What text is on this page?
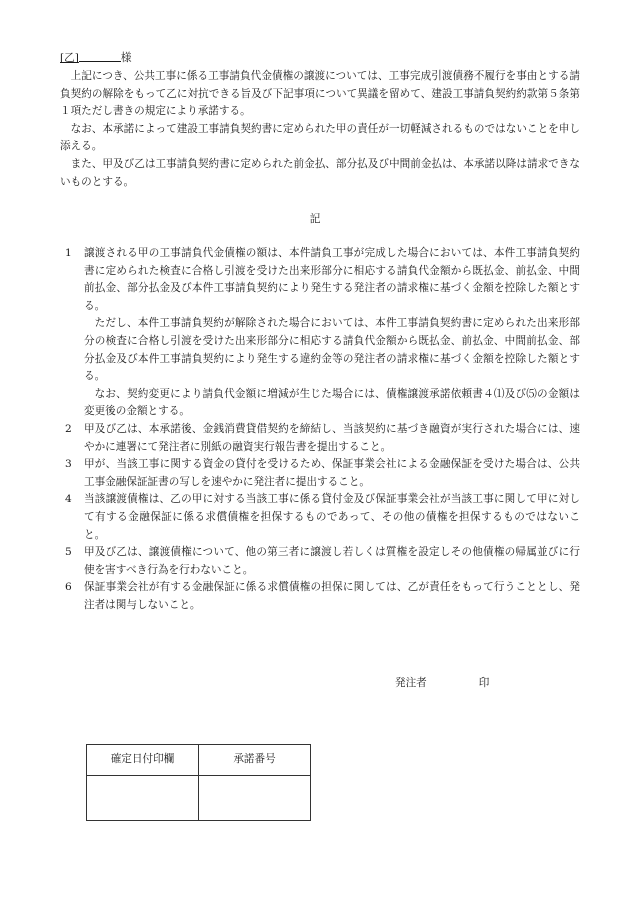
[乙]	様

上記につき、公共工事に係る工事請負代金債権の譲渡については、工事完成引渡債務不履行を事由とする請負契約の解除をもって乙に対抗できる旨及び下記事項について異議を留めて、建設工事請負契約約款第５条第１項ただし書きの規定により承諾する。

なお、本承諾によって建設工事請負契約書に定められた甲の責任が一切軽減されるものではないことを申し添える。

また、甲及び乙は工事請負契約書に定められた前金払、部分払及び中間前金払は、本承諾以降は請求できないものとする。

記
1	譲渡される甲の工事請負代金債権の額は、本件請負工事が完成した場合においては、本件工事請負契約書に定められた検査に合格し引渡を受けた出来形部分に相応する請負代金額から既払金、前払金、中間前払金、部分払金及び本件工事請負契約により発生する発注者の請求権に基づく金額を控除した額とする。

ただし、本件工事請負契約が解除された場合においては、本件工事請負契約書に定められた出来形部分の検査に合格し引渡を受けた出来形部分に相応する請負代金額から既払金、前払金、中間前払金、部分払金及び本件工事請負契約により発生する違約金等の発注者の請求権に基づく金額を控除した額とする。

なお、契約変更により請負代金額に増減が生じた場合には、債権譲渡承諾依頼書４⑴及び⑸の金額は変更後の金額とする。

2	甲及び乙は、本承諾後、金銭消費貸借契約を締結し、当該契約に基づき融資が実行された場合には、速やかに連署にて発注者に別紙の融資実行報告書を提出すること。
3	甲が、当該工事に関する資金の貸付を受けるため、保証事業会社による金融保証を受けた場合は、公共工事金融保証証書の写しを速やかに発注者に提出すること。
4	当該譲渡債権は、乙の甲に対する当該工事に係る貸付金及び保証事業会社が当該工事に関して甲に対して有する金融保証に係る求償債権を担保するものであって、その他の債権を担保するものではないこと。
5	甲及び乙は、譲渡債権について、他の第三者に譲渡し若しくは質権を設定しその他債権の帰属並びに行使を害すべき行為を行わないこと。
6	保証事業会社が有する金融保証に係る求償債権の担保に関しては、乙が責任をもって行うこととし、発注者は関与しないこと。
発注者	印
確定日付印欄	承諾番号
